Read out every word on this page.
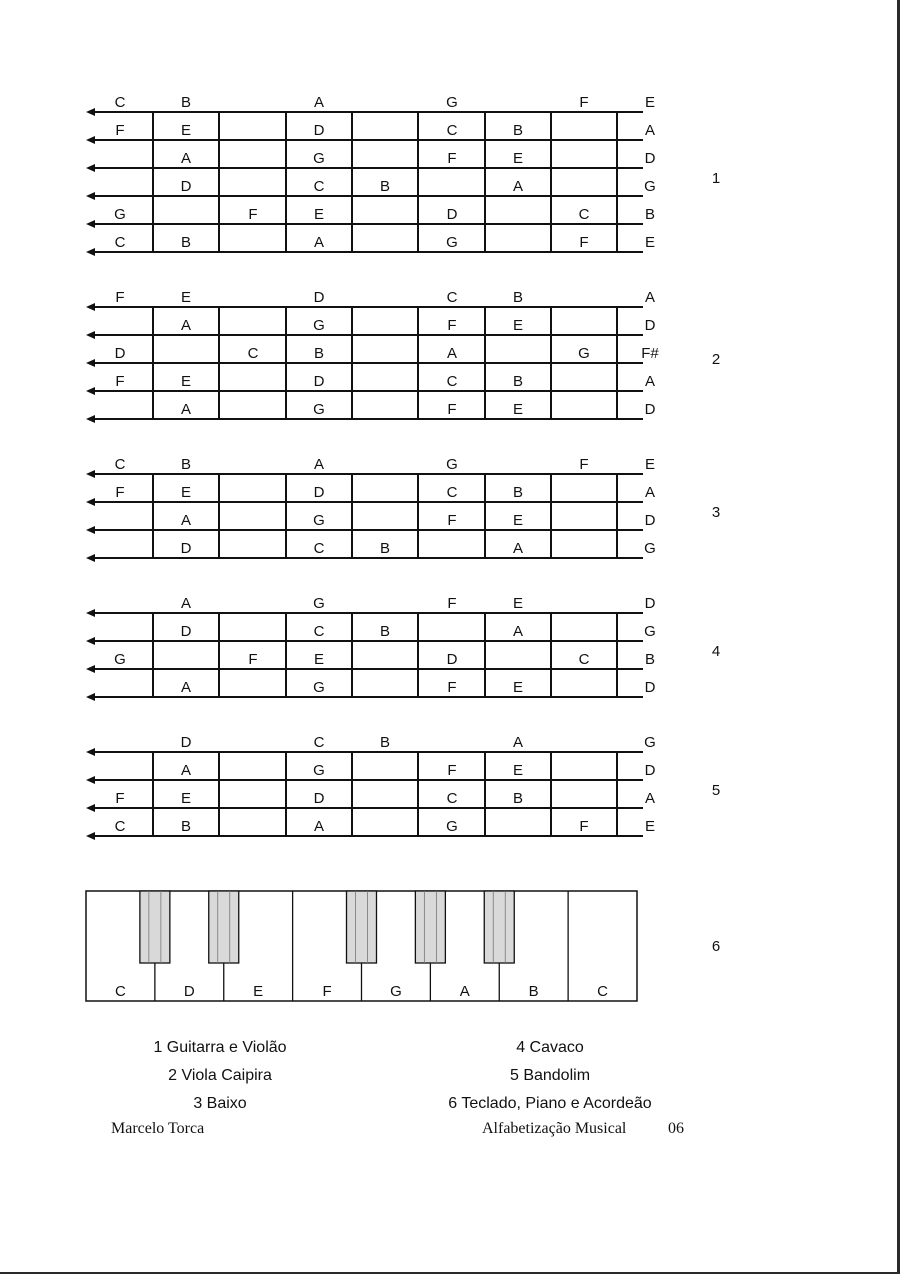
C	B	A	G	F	E
F	E	D	C	B	A
A	G	F	E	D
D	C	B	A	G
G	F	E	D	C	B
C	B	A	G	F	E
1
F	E	D	C	B	A
A	G	F	E	D
D	C	B	A	G	F#
F	E	D	C	B	A
A	G	F	E	D
2
C	B	A	G	F	E
F	E	D	C	B	A
A	G	F	E	D
D	C	B	A	G
3
A	G	F	E	D
D	C	B	A	G
G	F	E	D	C	B
A	G	F	E	D
4
D	C	B	A	G
A	G	F	E	D
F	E	D	C	B	A
C	B	A	G	F	E
5
C	D	E	F	G	A	B	C
6
1 Guitarra e Violão
2 Viola Caipira
3 Baixo
4 Cavaco
5 Bandolim
6 Teclado, Piano e Acordeão
Marcelo Torca	Alfabetização Musical	06
